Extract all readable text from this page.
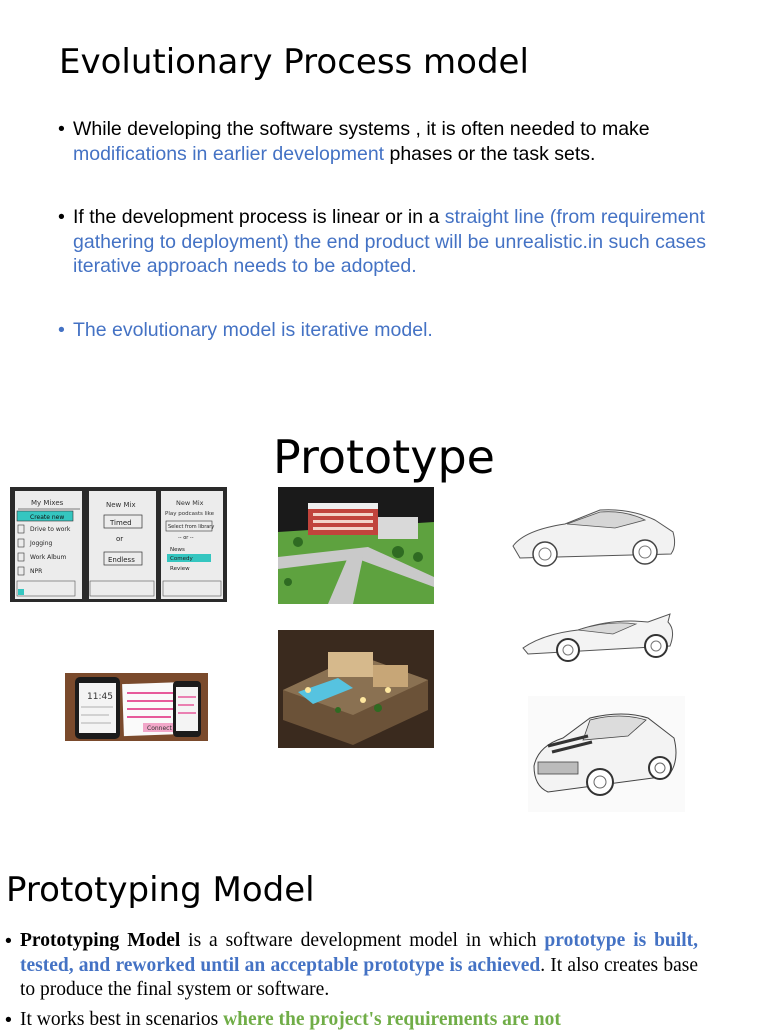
Evolutionary Process model
• While developing the software systems , it is often needed to make modifications in earlier development phases or the task sets.
• If the development process is linear or in a straight line (from requirement gathering to deployment) the end product will be unrealistic.in such cases iterative approach needs to be adopted.
• The evolutionary model is iterative model.
Prototype
My Mixes
Create new
Drive to work
Jogging
Work Album
NPR
New Mix
Timed
or
Endless
New Mix
Play podcasts like
Select from library
-- or --
News
Comedy
Review
11:45
Connect
Prototyping Model
• Prototyping Model is a software development model in which prototype is built, tested, and reworked until an acceptable prototype is achieved. It also creates base to produce the final system or software.
• It works best in scenarios where the project's requirements are not
